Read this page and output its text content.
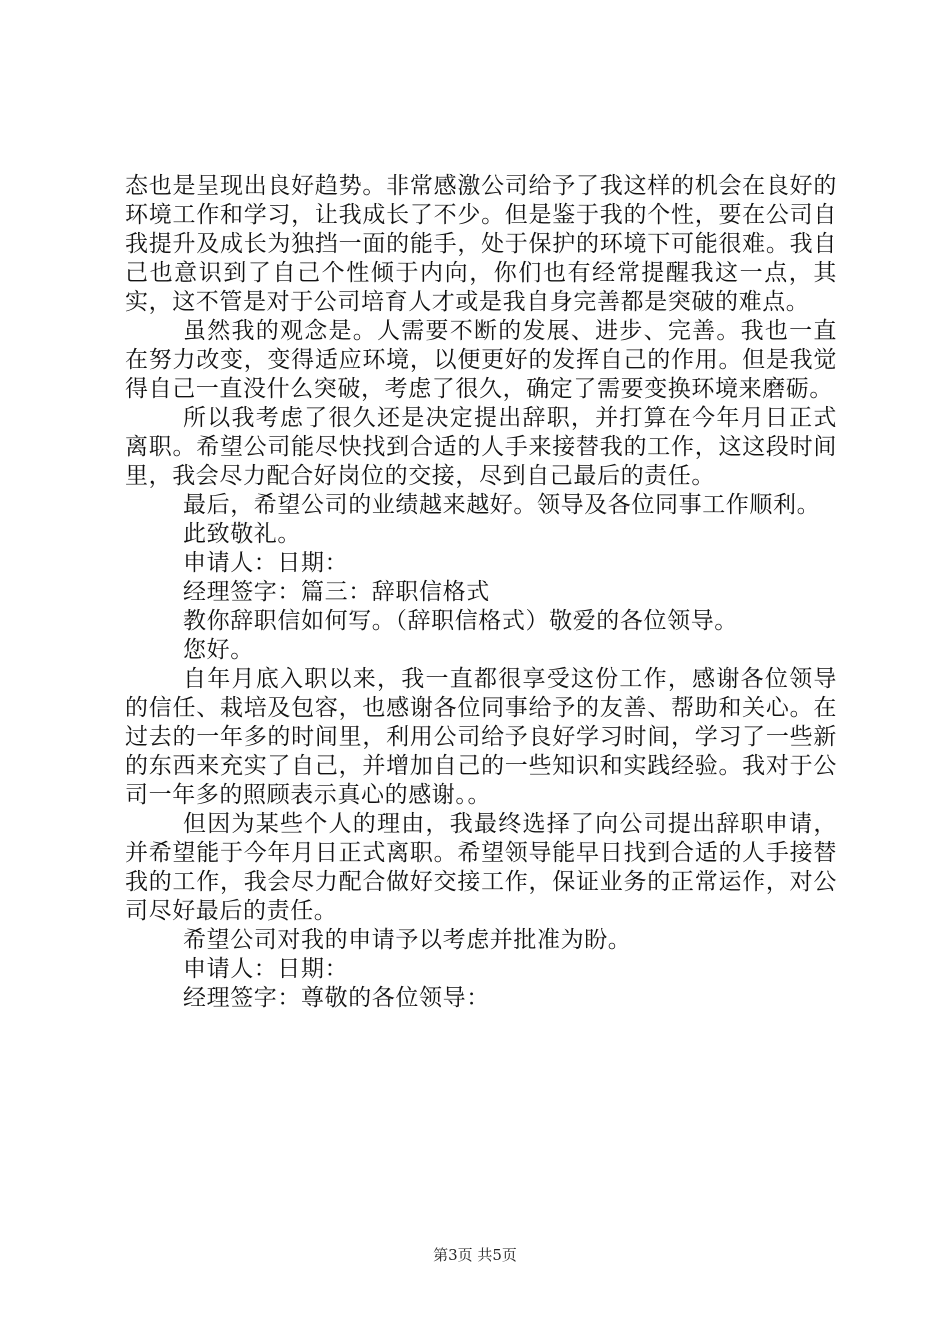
态也是呈现出良好趋势。非常感激公司给予了我这样的机会在良好的环境工作和学习，让我成长了不少。但是鉴于我的个性，要在公司自我提升及成长为独挡一面的能手，处于保护的环境下可能很难。我自己也意识到了自己个性倾于内向，你们也有经常提醒我这一点，其实，这不管是对于公司培育人才或是我自身完善都是突破的难点。

虽然我的观念是。人需要不断的发展、进步、完善。我也一直在努力改变，变得适应环境，以便更好的发挥自己的作用。但是我觉得自己一直没什么突破，考虑了很久，确定了需要变换环境来磨砺。

所以我考虑了很久还是决定提出辞职，并打算在今年月日正式离职。希望公司能尽快找到合适的人手来接替我的工作，这这段时间里，我会尽力配合好岗位的交接，尽到自己最后的责任。

最后，希望公司的业绩越来越好。领导及各位同事工作顺利。

此致敬礼。

申请人：日期：

经理签字：篇三：辞职信格式

教你辞职信如何写。（辞职信格式）敬爱的各位领导。

您好。

自年月底入职以来，我一直都很享受这份工作，感谢各位领导的信任、栽培及包容，也感谢各位同事给予的友善、帮助和关心。在过去的一年多的时间里，利用公司给予良好学习时间，学习了一些新的东西来充实了自己，并增加自己的一些知识和实践经验。我对于公司一年多的照顾表示真心的感谢。。

但因为某些个人的理由，我最终选择了向公司提出辞职申请，并希望能于今年月日正式离职。希望领导能早日找到合适的人手接替我的工作，我会尽力配合做好交接工作，保证业务的正常运作，对公司尽好最后的责任。

希望公司对我的申请予以考虑并批准为盼。

申请人：日期：

经理签字：尊敬的各位领导：

第3页 共5页
